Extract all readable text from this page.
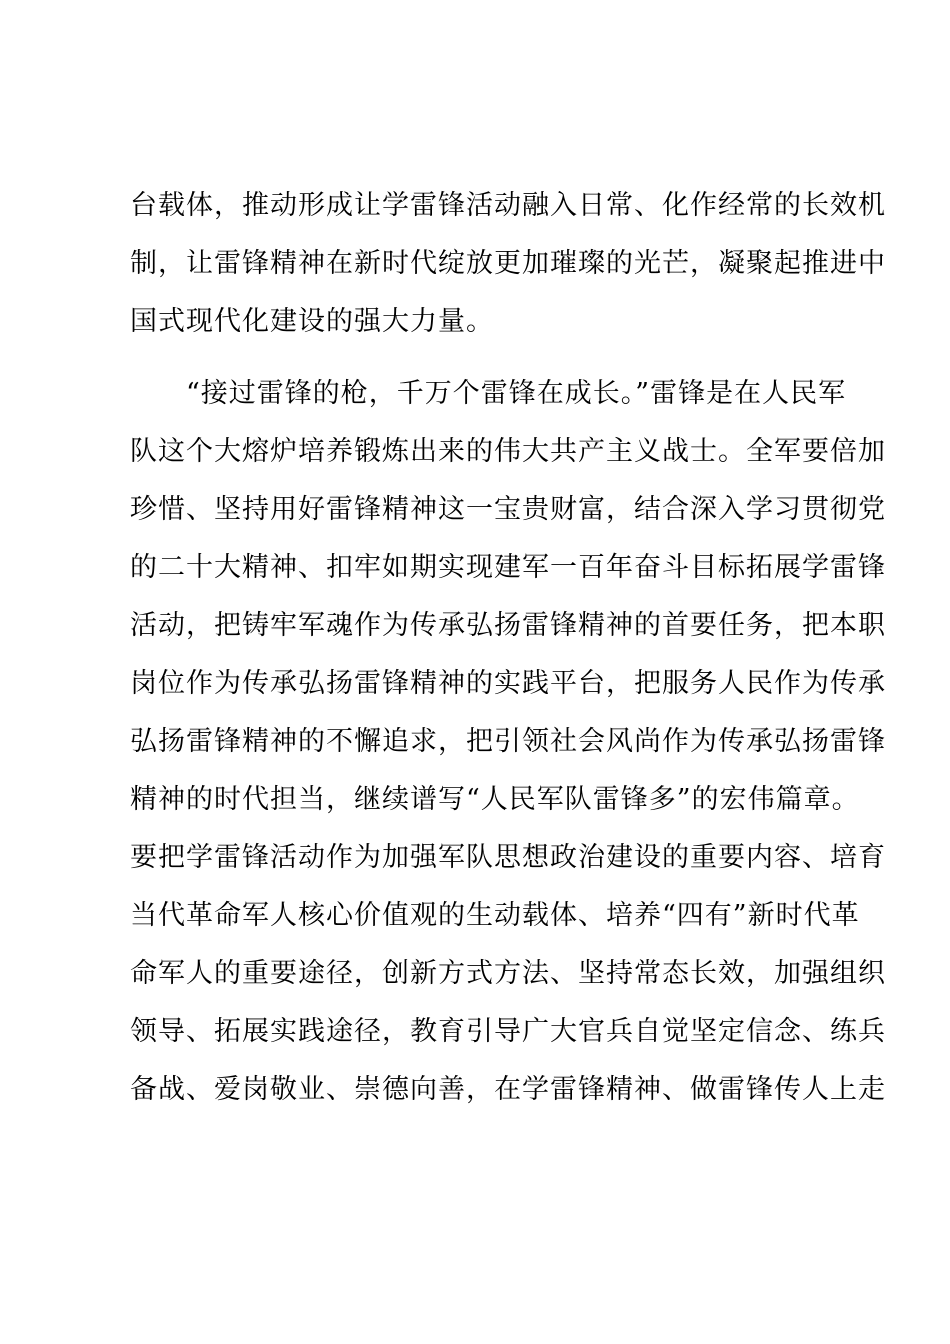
台载体，推动形成让学雷锋活动融入日常、化作经常的长效机
制，让雷锋精神在新时代绽放更加璀璨的光芒，凝聚起推进中
国式现代化建设的强大力量。
“接过雷锋的枪，千万个雷锋在成长。”雷锋是在人民军
队这个大熔炉培养锻炼出来的伟大共产主义战士。全军要倍加
珍惜、坚持用好雷锋精神这一宝贵财富，结合深入学习贯彻党
的二十大精神、扣牢如期实现建军一百年奋斗目标拓展学雷锋
活动，把铸牢军魂作为传承弘扬雷锋精神的首要任务，把本职
岗位作为传承弘扬雷锋精神的实践平台，把服务人民作为传承
弘扬雷锋精神的不懈追求，把引领社会风尚作为传承弘扬雷锋
精神的时代担当，继续谱写“人民军队雷锋多”的宏伟篇章。
要把学雷锋活动作为加强军队思想政治建设的重要内容、培育
当代革命军人核心价值观的生动载体、培养“四有”新时代革
命军人的重要途径，创新方式方法、坚持常态长效，加强组织
领导、拓展实践途径，教育引导广大官兵自觉坚定信念、练兵
备战、爱岗敬业、崇德向善，在学雷锋精神、做雷锋传人上走
